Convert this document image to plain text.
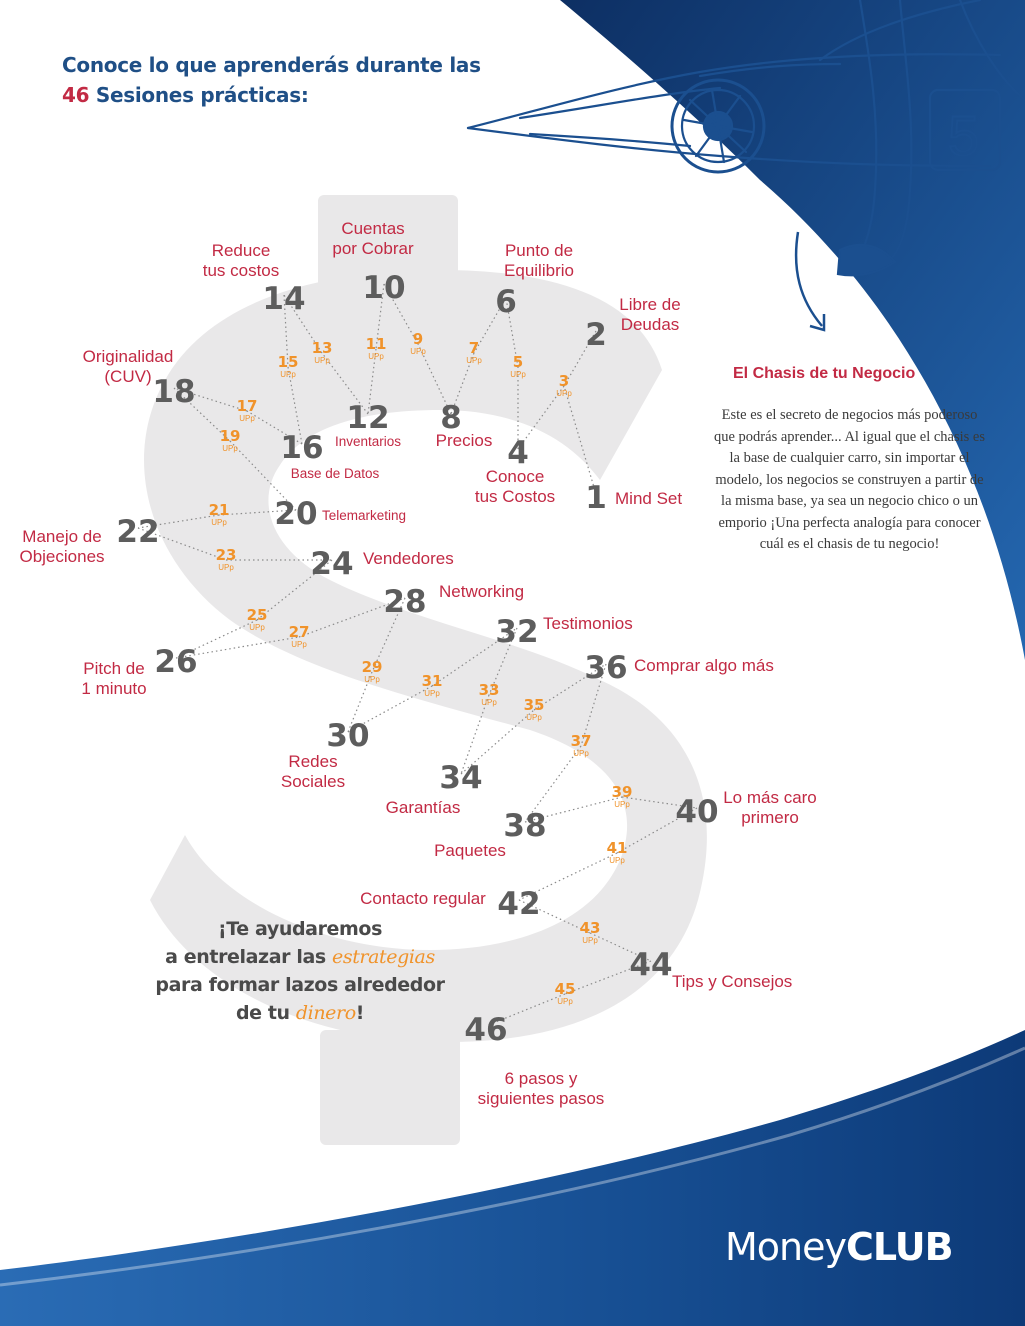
5
1 Mind Set
2
Libre de Deudas
4
Conoce tus Costos
6
Punto de Equilibrio
8
Precios
10
Cuentas por Cobrar
12
Inventarios
14
Reduce tus costos
16
Base de Datos
18
Originalidad (CUV)
20 Telemarketing
22
Manejo de Objeciones	24 Vendedores
26
Pitch de 1 minuto
28 Networking
30
Redes Sociales
32 Testimonios
34
Garantías
36 Comprar algo más
38
Paquetes
40 Lo más caro primero
42
Contacto regular
44 Tips y Consejos
46
6 pasos y siguientes pasos
3
UPp
5
UPp
7
UPp
9
UPp
11
UPp
13
UPp
15
UPp
17
UPp
19
UPp
21
UPp
23
UPp
25
UPp 27
UPp
29
UPp	31
UPp	33
UPp 35
UPp
37
UPp
39
UPp
41
UPp
43
UPp
45
UPp
Conoce lo que aprenderás durante las
46 Sesiones prácticas:
El Chasis de tu Negocio
Este es el secreto de negocios más poderoso que podrás aprender... Al igual que el chasis es la base de cualquier carro, sin importar el modelo, los negocios se construyen a partir de la misma base, ya sea un negocio chico o un emporio ¡Una perfecta analogía para conocer cuál es el chasis de tu negocio!
¡Te ayudaremos
a entrelazar las estrategias
para formar lazos alrededor
de tu dinero!
MoneyCLUB
